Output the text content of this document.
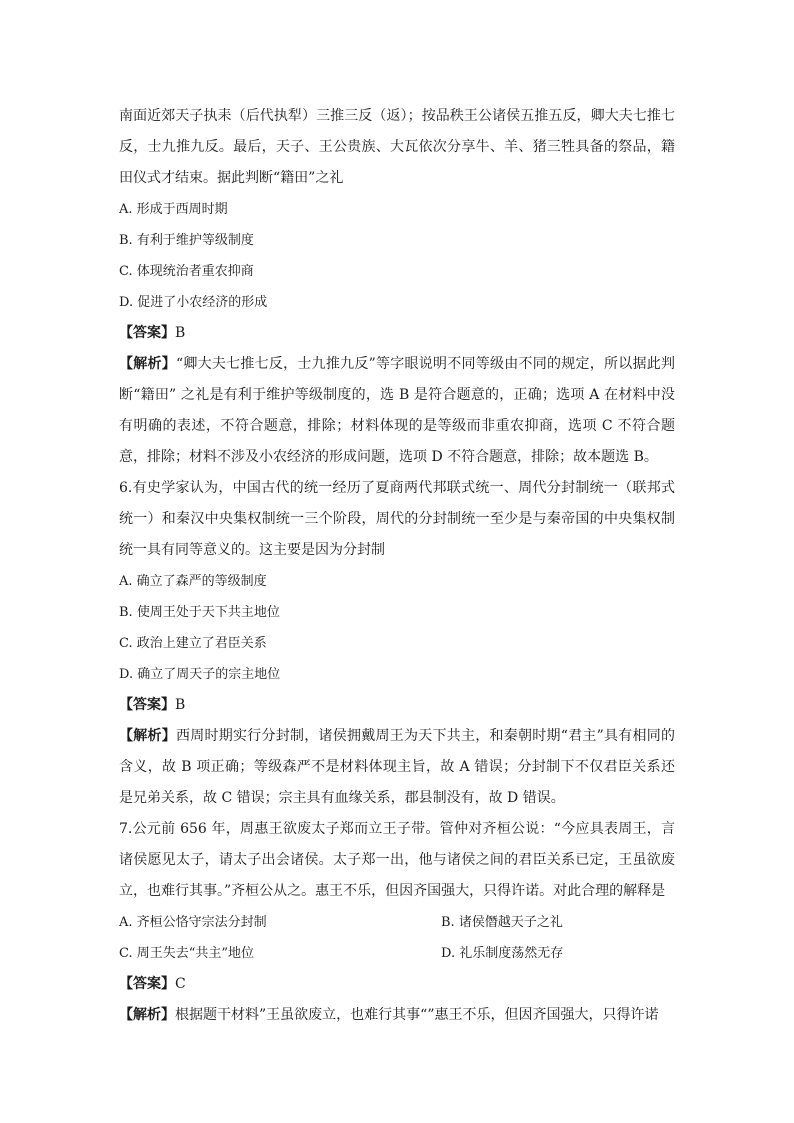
南面近郊天子执耒（后代执犁）三推三反（返）；按品秩王公诸侯五推五反，卿大夫七推七反，士九推九反。最后，天子、王公贵族、大瓦依次分享牛、羊、猪三牲具备的祭品，籍田仪式才结束。据此判断“籍田”之礼

A. 形成于西周时期

B. 有利于维护等级制度

C. 体现统治者重农抑商

D. 促进了小农经济的形成

【答案】B

【解析】“卿大夫七推七反，士九推九反”等字眼说明不同等级由不同的规定，所以据此判断“籍田” 之礼是有利于维护等级制度的，选 B 是符合题意的，正确；选项 A 在材料中没有明确的表述，不符合题意，排除；材料体现的是等级而非重农抑商，选项 C 不符合题意，排除；材料不涉及小农经济的形成问题，选项 D 不符合题意，排除；故本题选 B。

6.有史学家认为，中国古代的统一经历了夏商两代邦联式统一、周代分封制统一（联邦式统一）和秦汉中央集权制统一三个阶段，周代的分封制统一至少是与秦帝国的中央集权制统一具有同等意义的。这主要是因为分封制

A. 确立了森严的等级制度

B. 使周王处于天下共主地位

C. 政治上建立了君臣关系

D. 确立了周天子的宗主地位

【答案】B

【解析】西周时期实行分封制，诸侯拥戴周王为天下共主，和秦朝时期“君主”具有相同的含义，故 B 项正确；等级森严不是材料体现主旨，故 A 错误；分封制下不仅君臣关系还是兄弟关系，故 C 错误；宗主具有血缘关系，郡县制没有，故 D 错误。

7.公元前 656 年，周惠王欲废太子郑而立王子带。管仲对齐桓公说：“今应具表周王，言诸侯愿见太子，请太子出会诸侯。太子郑一出，他与诸侯之间的君臣关系已定，王虽欲废立，也难行其事。”齐桓公从之。惠王不乐，但因齐国强大，只得许诺。对此合理的解释是

A. 齐桓公恪守宗法分封制	B. 诸侯僭越天子之礼
C. 周王失去“共主”地位	D. 礼乐制度荡然无存

【答案】C

【解析】根据题干材料”王虽欲废立，也难行其事“”惠王不乐，但因齐国强大，只得许诺
